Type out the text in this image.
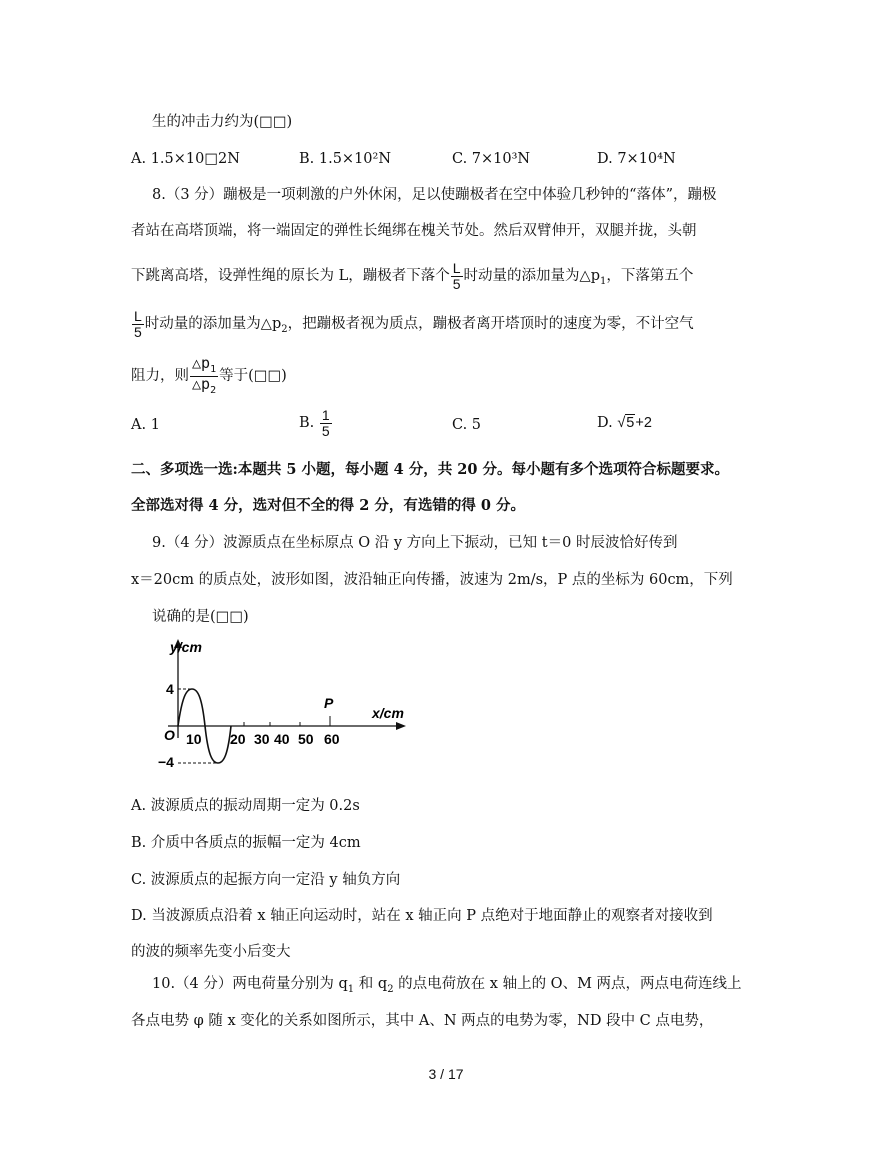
生的冲击力约为(□□)
A. 1.5×10□2N	B. 1.5×10²N	C. 7×10³N	D. 7×10⁴N
8.（3 分）蹦极是一项刺激的户外休闲，足以使蹦极者在空中体验几秒钟的“落体”，蹦极
者站在高塔顶端，将一端固定的弹性长绳绑在槐关节处。然后双臂伸开，双腿并拢，头朝
下跳离高塔，设弹性绳的原长为 L，蹦极者下落个 $\frac{L}{5}$ 时动量的添加量为$\triangle p_1$，下落第五个
$\frac{L}{5}$ 时动量的添加量为$\triangle p_2$，把蹦极者视为质点，蹦极者离开塔顶时的速度为零，不计空气
阻力，则 $\frac{\triangle p_1}{\triangle p_2}$ 等于(□□)
A. 1	B. $\frac{1}{5}$	C. 5	D. √5+2
二、多项选一选:本题共 5 小题，每小题 4 分，共 20 分。每小题有多个选项符合标题要求。
全部选对得 4 分，选对但不全的得 2 分，有选错的得 0 分。
9.（4 分）波源质点在坐标原点 O 沿 y 方向上下振动，已知 t＝0 时辰波恰好传到
x＝20cm 的质点处，波形如图，波沿轴正向传播，波速为 2m/s，P 点的坐标为 60cm，下列
说确的是(□□)
y/cm
x/cm
4
−4
O 10 20 30 40 50 60
P
A. 波源质点的振动周期一定为 0.2s
B. 介质中各质点的振幅一定为 4cm
C. 波源质点的起振方向一定沿 y 轴负方向
D. 当波源质点沿着 x 轴正向运动时，站在 x 轴正向 P 点绝对于地面静止的观察者对接收到
的波的频率先变小后变大
10.（4 分）两电荷量分别为 $q_1$ 和 $q_2$ 的点电荷放在 x 轴上的 O、M 两点，两点电荷连线上
各点电势 φ 随 x 变化的关系如图所示，其中 A、N 两点的电势为零，ND 段中 C 点电势，
3 / 17
